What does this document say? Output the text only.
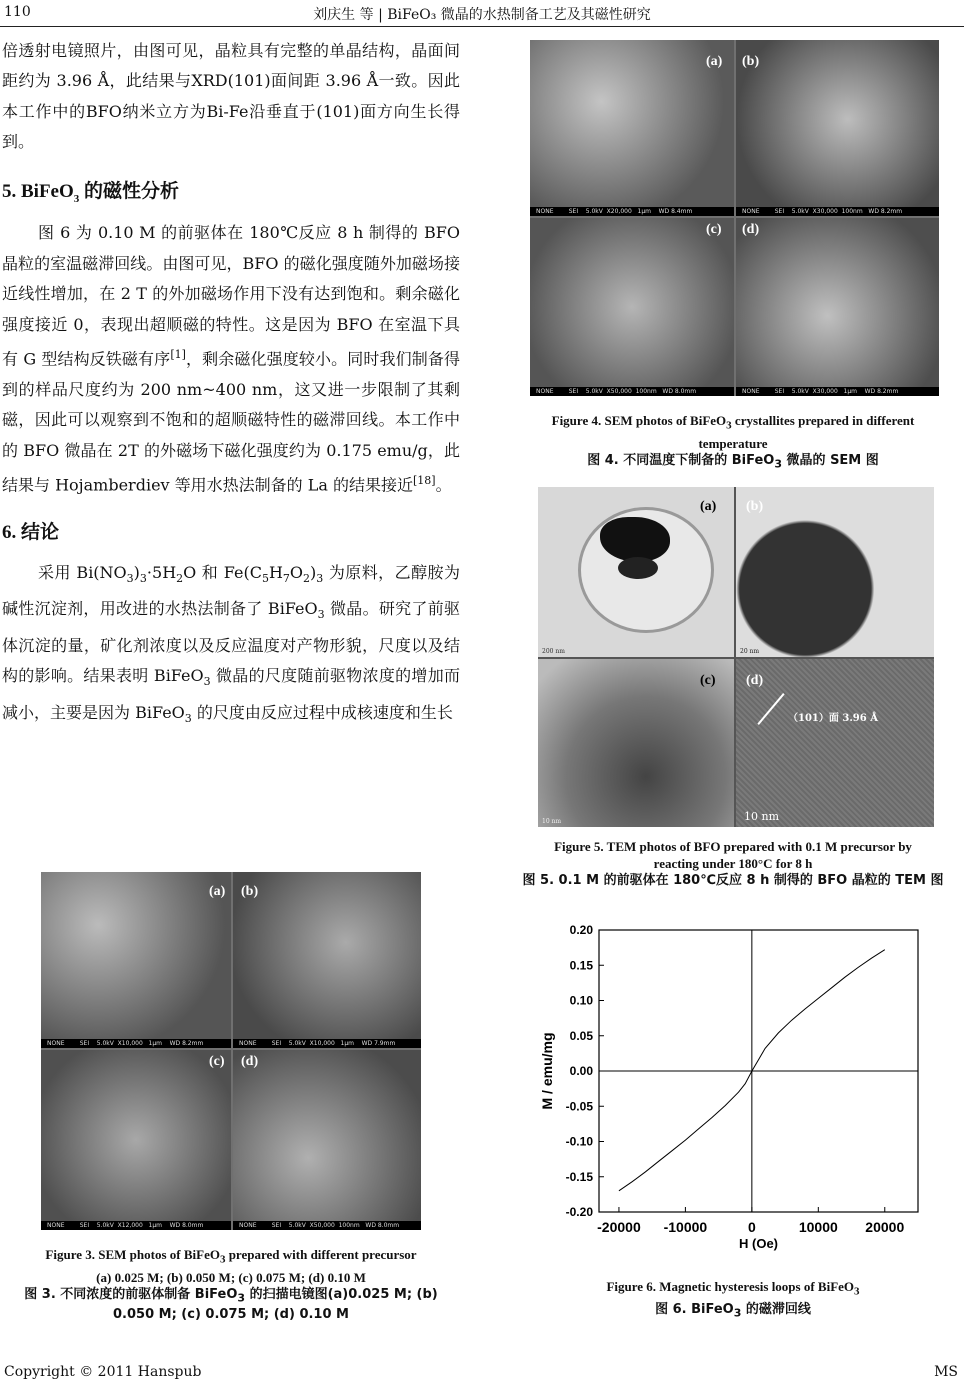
110	刘庆生 等 | BiFeO₃ 微晶的水热制备工艺及其磁性研究

倍透射电镜照片，由图可见，晶粒具有完整的单晶结构，晶面间距约为 3.96 Å，此结果与XRD(101)面间距 3.96 Å一致。因此本工作中的BFO纳米立方为Bi-Fe沿垂直于(101)面方向生长得到。

5. BiFeO$_3$ 的磁性分析

图 6 为 0.10 M 的前驱体在 180℃反应 8 h 制得的 BFO 晶粒的室温磁滞回线。由图可见，BFO 的磁化强度随外加磁场接近线性增加，在 2 T 的外加磁场作用下没有达到饱和。剩余磁化强度接近 0，表现出超顺磁的特性。这是因为 BFO 在室温下具有 G 型结构反铁磁有序[1]，剩余磁化强度较小。同时我们制备得到的样品尺度约为 200 nm~400 nm，这又进一步限制了其剩磁，因此可以观察到不饱和的超顺磁特性的磁滞回线。本工作中的 BFO 微晶在 2T 的外磁场下磁化强度约为 0.175 emu/g，此结果与 Hojamberdiev 等用水热法制备的 La 的结果接近[18]。

6. 结论

采用 $Bi(NO_3)_3\cdot 5H_2O$ 和 $Fe(C_5H_7O_2)_3$ 为原料，乙醇胺为碱性沉淀剂，用改进的水热法制备了 BiFeO$_3$ 微晶。研究了前驱体沉淀的量，矿化剂浓度以及反应温度对产物形貌，尺度以及结构的影响。结果表明 BiFeO$_3$ 微晶的尺度随前驱物浓度的增加而减小，主要是因为 BiFeO$_3$ 的尺度由反应过程中成核速度和生长

NONE        SEI    5.0kV  X10,000   1μm    WD 8.2mm	NONE        SEI    5.0kV  X10,000   1μm    WD 7.9mm
NONE        SEI    5.0kV  X12,000   1μm    WD 8.0mm	NONE        SEI    5.0kV  X50,000  100nm   WD 8.0mm
(a) (b)
(c) (d)
Figure 3. SEM photos of BiFeO$_3$ prepared with different precursor
(a) 0.025 M; (b) 0.050 M; (c) 0.075 M; (d) 0.10 M
图 3. 不同浓度的前驱体制备 BiFeO$_3$ 的扫描电镜图(a)0.025 M; (b)
0.050 M; (c) 0.075 M; (d) 0.10 M
NONE        SEI    5.0kV  X20,000   1μm    WD 8.4mm	NONE        SEI    5.0kV  X30,000  100nm   WD 8.2mm
NONE        SEI    5.0kV  X50,000  100nm   WD 8.0mm	NONE        SEI    5.0kV  X30,000   1μm    WD 8.2mm
(a) (b)
(c) (d)
Figure 4. SEM photos of BiFeO$_3$ crystallites prepared in different
temperature
图 4. 不同温度下制备的 BiFeO$_3$ 微晶的 SEM 图
200 nm	20 nm
10 nm
（101）面 3.96 Å
10 nm
(a) (b)
(c) (d)
Figure 5. TEM photos of BFO prepared with 0.1 M precursor by
reacting under 180°C for 8 h
图 5. 0.1 M 的前驱体在 180℃反应 8 h 制得的 BFO 晶粒的 TEM 图
0.20
0.15
0.10
0.05
0.00
-0.05
-0.10
-0.15
-0.20
-20000 -10000	0	10000 20000
H (Oe)
M / emu/mg
Figure 6. Magnetic hysteresis loops of BiFeO$_3$
图 6. BiFeO$_3$ 的磁滞回线
Copyright © 2011 Hanspub	MS
